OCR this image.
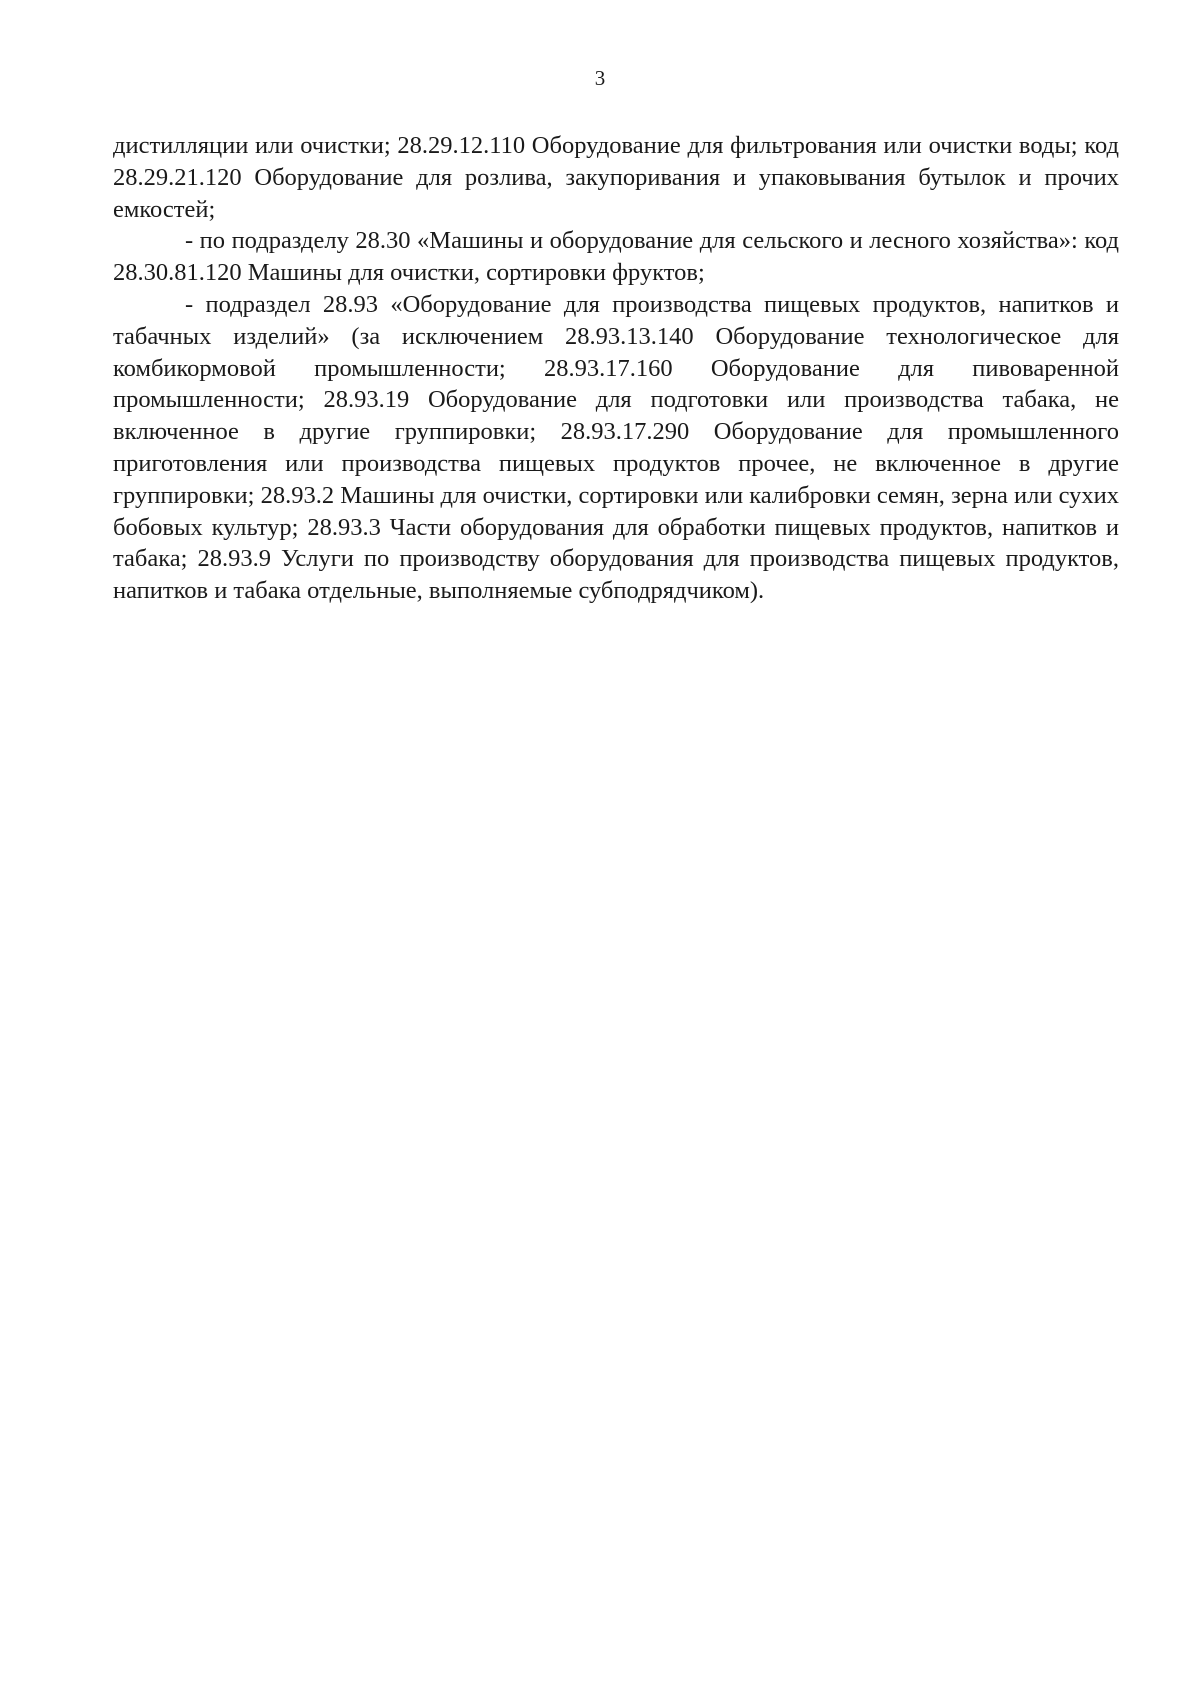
3

дистилляции или очистки; 28.29.12.110 Оборудование для фильтрования или очистки воды; код 28.29.21.120 Оборудование для розлива, закупоривания и упаковывания бутылок и прочих емкостей;

- по подразделу 28.30 «Машины и оборудование для сельского и лесного хозяйства»: код 28.30.81.120 Машины для очистки, сортировки фруктов;

- подраздел 28.93 «Оборудование для производства пищевых продуктов, напитков и табачных изделий» (за исключением 28.93.13.140 Оборудование технологическое для комбикормовой промышленности; 28.93.17.160 Оборудование для пивоваренной промышленности; 28.93.19 Оборудование для подготовки или производства табака, не включенное в другие группировки; 28.93.17.290 Оборудование для промышленного приготовления или производства пищевых продуктов прочее, не включенное в другие группировки; 28.93.2 Машины для очистки, сортировки или калибровки семян, зерна или сухих бобовых культур; 28.93.3 Части оборудования для обработки пищевых продуктов, напитков и табака; 28.93.9 Услуги по производству оборудования для производства пищевых продуктов, напитков и табака отдельные, выполняемые субподрядчиком).
